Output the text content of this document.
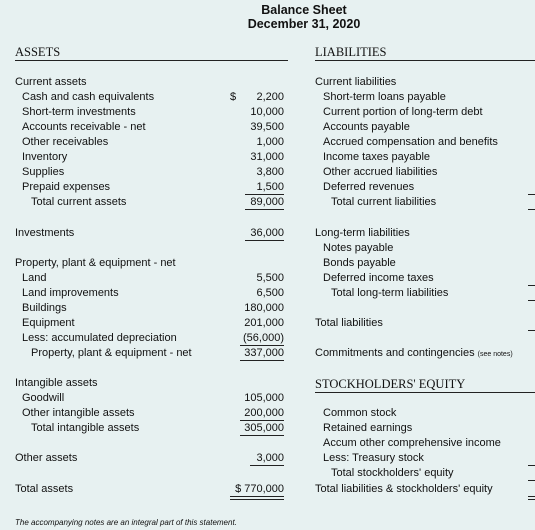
Balance Sheet
December 31, 2020
ASSETS	LIABILITIES
Current assets
$
Cash and cash equivalents	2,200
Short-term investments	10,000
Accounts receivable - net	39,500
Other receivables	1,000
Inventory	31,000
Supplies	3,800
Prepaid expenses	1,500
Total current assets	89,000
Investments	36,000
Property, plant & equipment - net
Land	5,500
Land improvements	6,500
Buildings	180,000
Equipment	201,000
Less: accumulated depreciation	(56,000)
Property, plant & equipment - net	337,000
Intangible assets
Goodwill	105,000
Other intangible assets	200,000
Total intangible assets	305,000
Other assets	3,000
Total assets	$ 770,000
Current liabilities
Short-term loans payable
Current portion of long-term debt
Accounts payable
Accrued compensation and benefits
Income taxes payable
Other accrued liabilities
Deferred revenues
Total current liabilities
Long-term liabilities
Notes payable
Bonds payable
Deferred income taxes
Total long-term liabilities
Total liabilities
Commitments and contingencies (see notes)
STOCKHOLDERS' EQUITY
Common stock
Retained earnings
Accum other comprehensive income
Less: Treasury stock
Total stockholders' equity
Total liabilities & stockholders' equity
The accompanying notes are an integral part of this statement.
